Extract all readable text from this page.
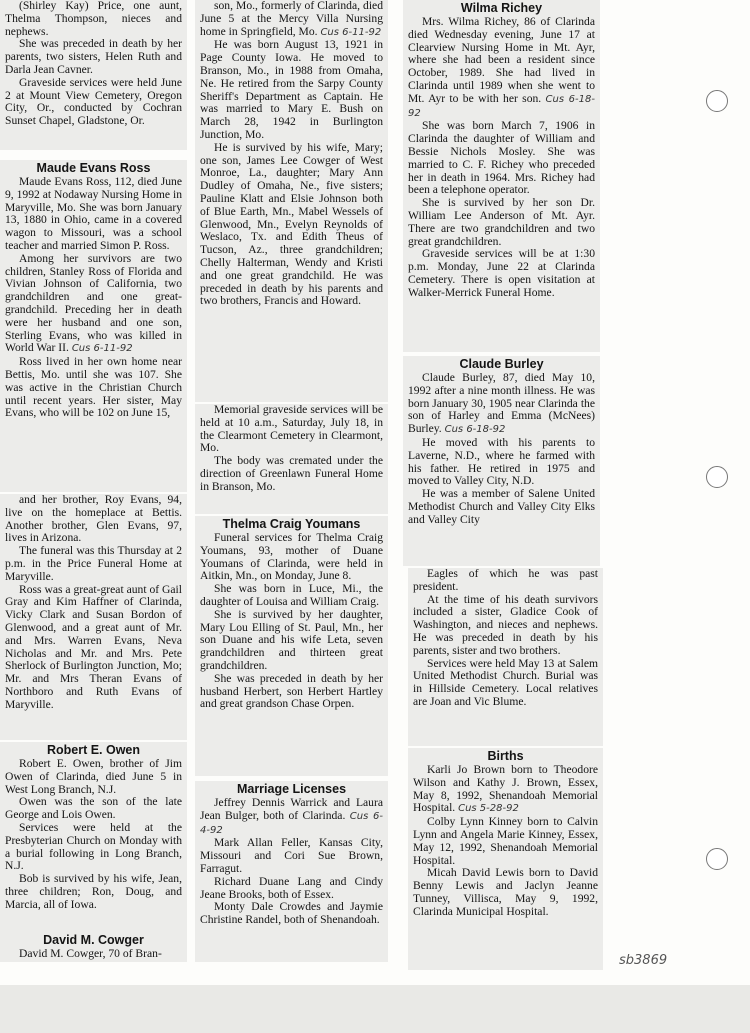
(Shirley Kay) Price, one aunt, Thelma Thompson, nieces and nephews.

She was preceded in death by her parents, two sisters, Helen Ruth and Darla Jean Cavner.

Graveside services were held June 2 at Mount View Cemetery, Oregon City, Or., conducted by Cochran Sunset Chapel, Gladstone, Or.

Maude Evans Ross

Maude Evans Ross, 112, died June 9, 1992 at Nodaway Nursing Home in Maryville, Mo. She was born January 13, 1880 in Ohio, came in a covered wagon to Missouri, was a school teacher and married Simon P. Ross.

Among her survivors are two children, Stanley Ross of Florida and Vivian Johnson of California, two grandchildren and one great-grandchild. Preceding her in death were her husband and one son, Sterling Evans, who was killed in World War II. Cus 6-11-92

Ross lived in her own home near Bettis, Mo. until she was 107. She was active in the Christian Church until recent years. Her sister, May Evans, who will be 102 on June 15,

and her brother, Roy Evans, 94, live on the homeplace at Bettis. Another brother, Glen Evans, 97, lives in Arizona.

The funeral was this Thursday at 2 p.m. in the Price Funeral Home at Maryville.

Ross was a great-great aunt of Gail Gray and Kim Haffner of Clarinda, Vicky Clark and Susan Bordon of Glenwood, and a great aunt of Mr. and Mrs. Warren Evans, Neva Nicholas and Mr. and Mrs. Pete Sherlock of Burlington Junction, Mo; Mr. and Mrs Theran Evans of Northboro and Ruth Evans of Maryville.

Robert E. Owen

Robert E. Owen, brother of Jim Owen of Clarinda, died June 5 in West Long Branch, N.J.

Owen was the son of the late George and Lois Owen.

Services were held at the Presbyterian Church on Monday with a burial following in Long Branch, N.J.

Bob is survived by his wife, Jean, three children; Ron, Doug, and Marcia, all of Iowa.

David M. Cowger

David M. Cowger, 70 of Bran-

son, Mo., formerly of Clarinda, died June 5 at the Mercy Villa Nursing home in Springfield, Mo. Cus 6-11-92

He was born August 13, 1921 in Page County Iowa. He moved to Branson, Mo., in 1988 from Omaha, Ne. He retired from the Sarpy County Sheriff's Department as Captain. He was married to Mary E. Bush on March 28, 1942 in Burlington Junction, Mo.

He is survived by his wife, Mary; one son, James Lee Cowger of West Monroe, La., daughter; Mary Ann Dudley of Omaha, Ne., five sisters; Pauline Klatt and Elsie Johnson both of Blue Earth, Mn., Mabel Wessels of Glenwood, Mn., Evelyn Reynolds of Weslaco, Tx. and Edith Theus of Tucson, Az., three grandchildren; Chelly Halterman, Wendy and Kristi and one great grandchild. He was preceded in death by his parents and two brothers, Francis and Howard.

Memorial graveside services will be held at 10 a.m., Saturday, July 18, in the Clearmont Cemetery in Clearmont, Mo.

The body was cremated under the direction of Greenlawn Funeral Home in Branson, Mo.

Thelma Craig Youmans

Funeral services for Thelma Craig Youmans, 93, mother of Duane Youmans of Clarinda, were held in Aitkin, Mn., on Monday, June 8.

She was born in Luce, Mi., the daughter of Louisa and William Craig.

She is survived by her daughter, Mary Lou Elling of St. Paul, Mn., her son Duane and his wife Leta, seven grandchildren and thirteen great grandchildren.

She was preceded in death by her husband Herbert, son Herbert Hartley and great grandson Chase Orpen.

Marriage Licenses

Jeffrey Dennis Warrick and Laura Jean Bulger, both of Clarinda. Cus 6-4-92

Mark Allan Feller, Kansas City, Missouri and Cori Sue Brown, Farragut.

Richard Duane Lang and Cindy Jeane Brooks, both of Essex.

Monty Dale Crowdes and Jaymie Christine Randel, both of Shenandoah.

Wilma Richey

Mrs. Wilma Richey, 86 of Clarinda died Wednesday evening, June 17 at Clearview Nursing Home in Mt. Ayr, where she had been a resident since October, 1989. She had lived in Clarinda until 1989 when she went to Mt. Ayr to be with her son. Cus 6-18-92

She was born March 7, 1906 in Clarinda the daughter of William and Bessie Nichols Mosley. She was married to C. F. Richey who preceded her in death in 1964. Mrs. Richey had been a telephone operator.

She is survived by her son Dr. William Lee Anderson of Mt. Ayr. There are two grandchildren and two great grandchildren.

Graveside services will be at 1:30 p.m. Monday, June 22 at Clarinda Cemetery. There is open visitation at Walker-Merrick Funeral Home.

Claude Burley

Claude Burley, 87, died May 10, 1992 after a nine month illness. He was born January 30, 1905 near Clarinda the son of Harley and Emma (McNees) Burley. Cus 6-18-92

He moved with his parents to Laverne, N.D., where he farmed with his father. He retired in 1975 and moved to Valley City, N.D.

He was a member of Salene United Methodist Church and Valley City Elks and Valley City

Eagles of which he was past president.

At the time of his death survivors included a sister, Gladice Cook of Washington, and nieces and nephews. He was preceded in death by his parents, sister and two brothers.

Services were held May 13 at Salem United Methodist Church. Burial was in Hillside Cemetery. Local relatives are Joan and Vic Blume.

Births

Karli Jo Brown born to Theodore Wilson and Kathy J. Brown, Essex, May 8, 1992, Shenandoah Memorial Hospital. Cus 5-28-92

Colby Lynn Kinney born to Calvin Lynn and Angela Marie Kinney, Essex, May 12, 1992, Shenandoah Memorial Hospital.

Micah David Lewis born to David Benny Lewis and Jaclyn Jeanne Tunney, Villisca, May 9, 1992, Clarinda Municipal Hospital.

sb3869
